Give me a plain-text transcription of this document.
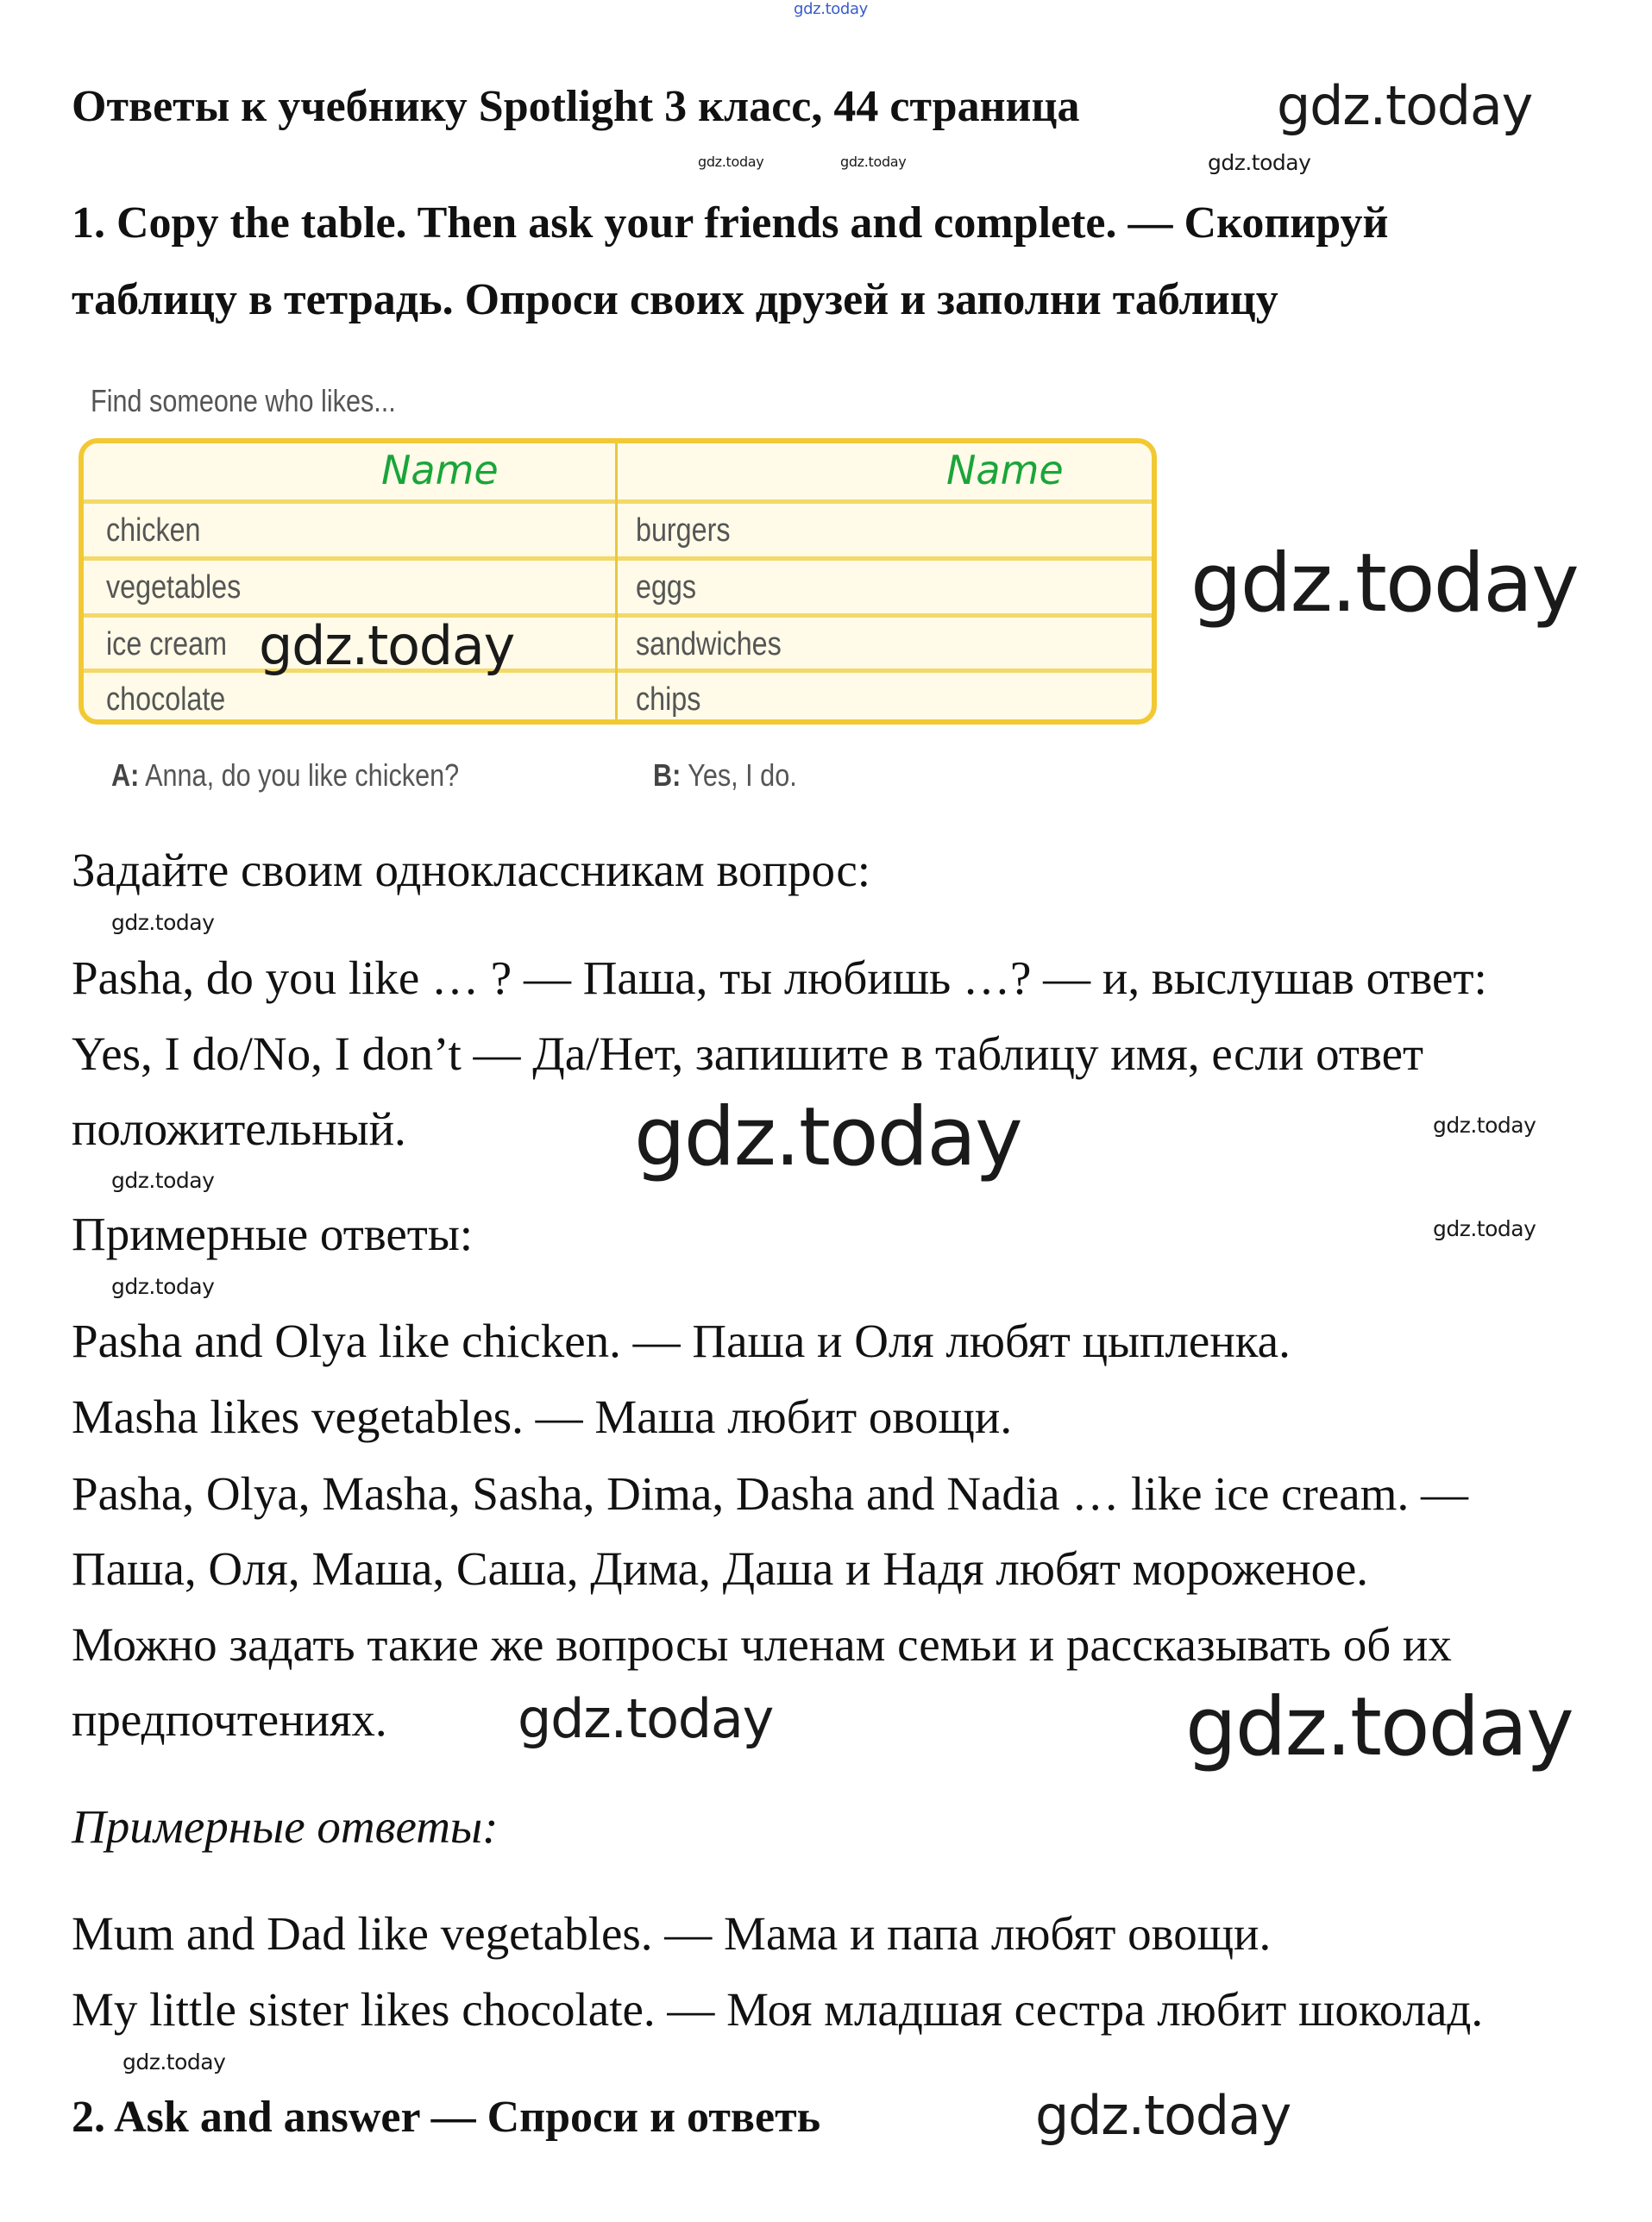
gdz.today
Ответы к учебнику Spotlight 3 класс, 44 страница
1. Copy the table. Then ask your friends and complete. — Скопируй
таблицу в тетрадь. Опроси своих друзей и заполни таблицу
Find someone who likes...
Name	Name
chicken	burgers
vegetables	eggs
ice cream	sandwiches
chocolate	chips
A: Anna, do you like chicken?	B: Yes, I do.
Задайте своим одноклассникам вопрос:
Pasha, do you like … ? — Паша, ты любишь …? — и, выслушав ответ:
Yes, I do/No, I don’t — Да/Нет, запишите в таблицу имя, если ответ
положительный.
Примерные ответы:
Pasha and Olya like chicken. — Паша и Оля любят цыпленка.
Masha likes vegetables. — Маша любит овощи.
Pasha, Olya, Masha, Sasha, Dima, Dasha and Nadia … like ice cream. —
Паша, Оля, Маша, Саша, Дима, Даша и Надя любят мороженое.
Можно задать такие же вопросы членам семьи и рассказывать об их
предпочтениях.
Примерные ответы:
Mum and Dad like vegetables. — Мама и папа любят овощи.
My little sister likes chocolate. — Моя младшая сестра любит шоколад.
2. Ask and answer — Спроси и ответь
gdz.today
gdz.today
gdz.today	gdz.today
gdz.today
gdz.today
gdz.today
gdz.today	gdz.today
gdz.today
gdz.today
gdz.today
gdz.today	gdz.today
gdz.today
gdz.today
